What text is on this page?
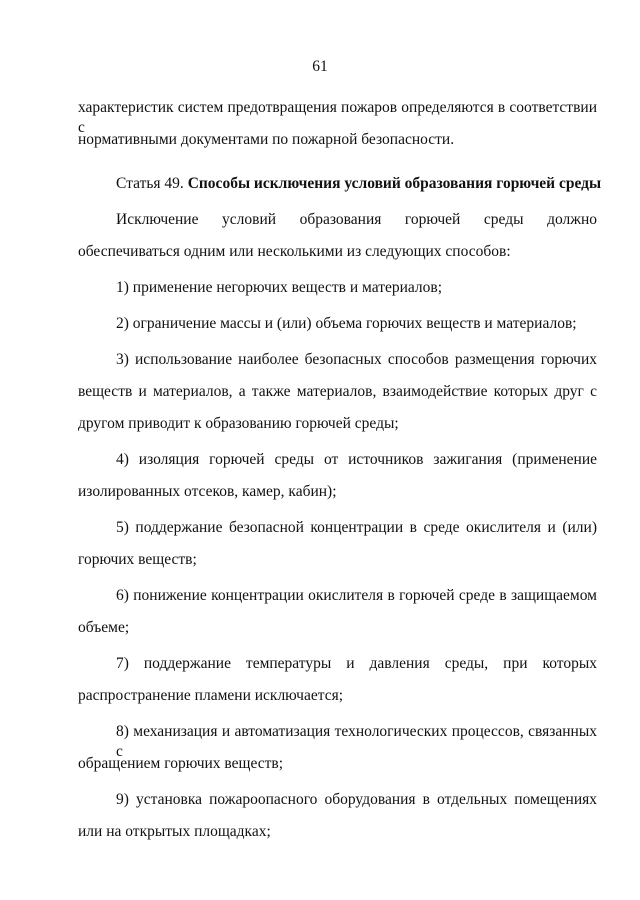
61
характеристик систем предотвращения пожаров определяются в соответствии с
нормативными документами по пожарной безопасности.
Статья 49. Способы исключения условий образования горючей среды
Исключение условий образования горючей среды должно
обеспечиваться одним или несколькими из следующих способов:
1) применение негорючих веществ и материалов;
2) ограничение массы и (или) объема горючих веществ и материалов;
3) использование наиболее безопасных способов размещения горючих
веществ и материалов, а также материалов, взаимодействие которых друг с
другом приводит к образованию горючей среды;
4) изоляция горючей среды от источников зажигания (применение
изолированных отсеков, камер, кабин);
5) поддержание безопасной концентрации в среде окислителя и (или)
горючих веществ;
6) понижение концентрации окислителя в горючей среде в защищаемом
объеме;
7) поддержание температуры и давления среды, при которых
распространение пламени исключается;
8) механизация и автоматизация технологических процессов, связанных с
обращением горючих веществ;
9) установка пожароопасного оборудования в отдельных помещениях
или на открытых площадках;
